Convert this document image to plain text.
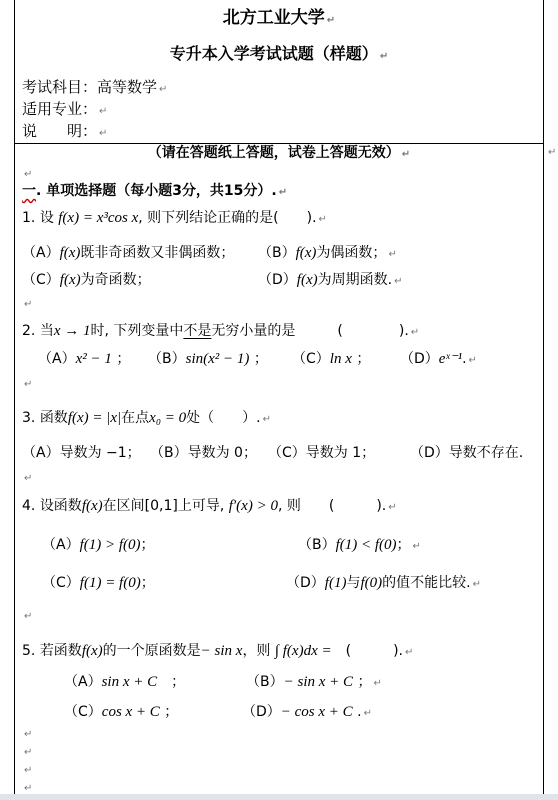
北方工业大学 ↵
专升本入学考试试题（样题） ↵
考试科目：高等数学 ↵
适用专业： ↵
说　　明： ↵
（请在答题纸上答题，试卷上答题无效） ↵	↵
↵
一. 单项选择题（每小题3分，共15分）. ↵
1. 设 f(x) = x³cos x, 则下列结论正确的是(　　). ↵
（A）f(x)既非奇函数又非偶函数； （B）f(x)为偶函数； ↵
（C）f(x)为奇函数；	（D）f(x)为周期函数. ↵
↵
2. 当x → 1时, 下列变量中不是无穷小量的是　　　(　　　　). ↵
（A）x² − 1 ； （B）sin(x² − 1) ； （C）ln x ； （D）eˣ⁻¹. ↵
↵
3. 函数f(x) = |x|在点x₀ = 0处（　　）. ↵
（A）导数为 −1； （B）导数为 0； （C）导数为 1； （D）导数不存在.
↵
4. 设函数f(x)在区间[0,1]上可导, f′(x) > 0, 则　　(　　　). ↵
（A）f(1) > f(0)；	（B）f(1) < f(0)； ↵
（C）f(1) = f(0)；	（D）f(1)与f(0)的值不能比较. ↵
↵
5. 若函数f(x)的一个原函数是− sin x，则 ∫ f(x)dx =　 (　　　). ↵
（A）sin x + C　 ；	（B）− sin x + C ； ↵
（C）cos x + C ；	（D）− cos x + C . ↵
↵
↵
↵
↵
